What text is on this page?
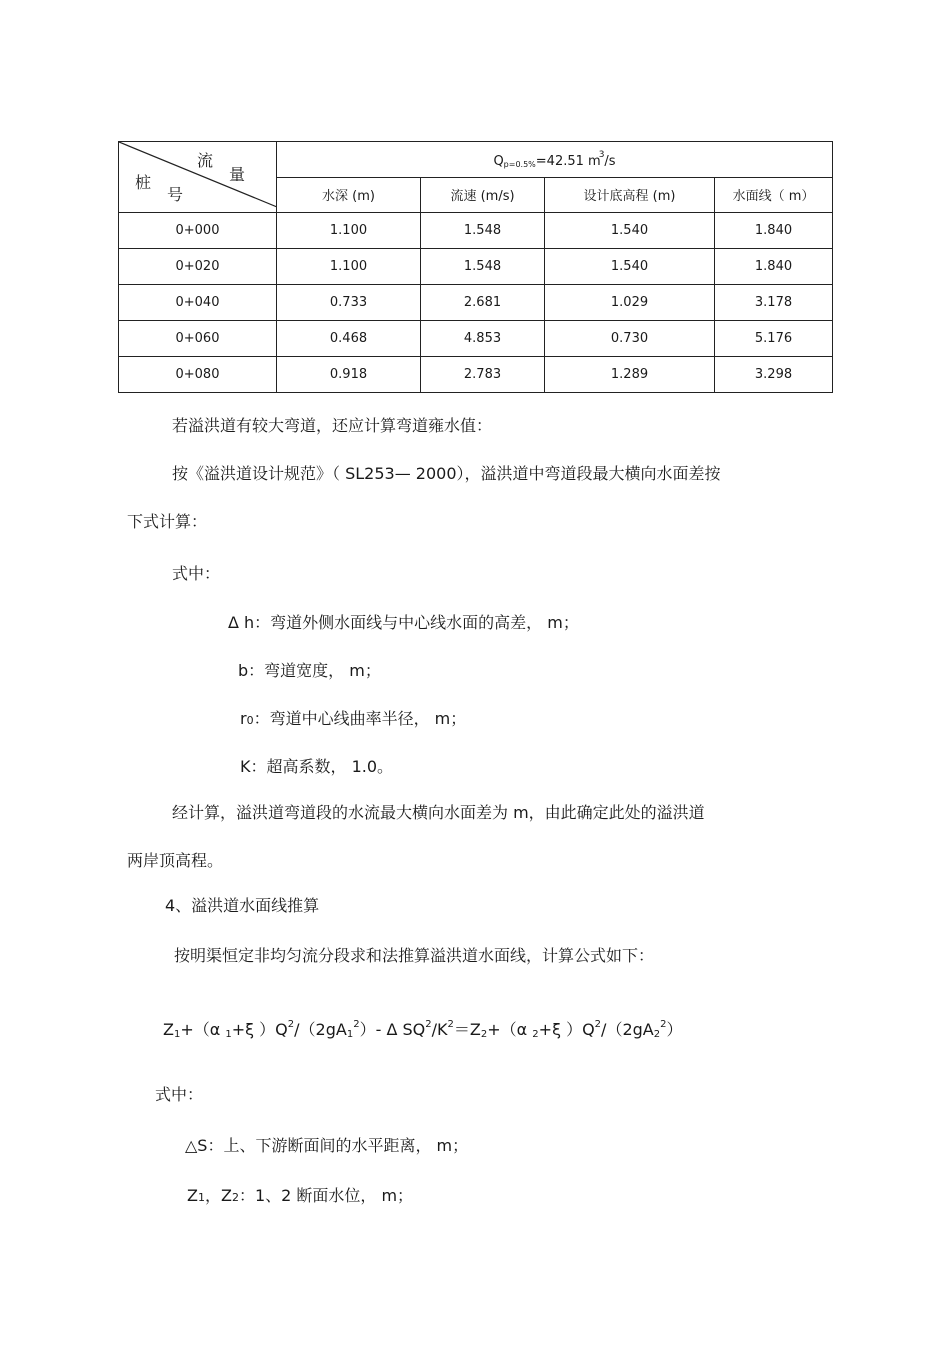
流
量
桩
号	$Q_{p=0.5\%}=42.51$ $m^3/s$			
	水深 (m)	流速 (m/s)	设计底高程 (m)	水面线（ m）
0+000	1.100	1.548	1.540	1.840
0+020	1.100	1.548	1.540	1.840
0+040	0.733	2.681	1.029	3.178
0+060	0.468	4.853	0.730	5.176
0+080	0.918	2.783	1.289	3.298
若溢洪道有较大弯道，还应计算弯道雍水值：
按《溢洪道设计规范》（ SL253— 2000），溢洪道中弯道段最大横向水面差按
下式计算：
式中：
Δ h：弯道外侧水面线与中心线水面的高差， m；
b：弯道宽度， m；
r0：弯道中心线曲率半径， m；
K：超高系数， 1.0。
经计算，溢洪道弯道段的水流最大横向水面差为 m，由此确定此处的溢洪道
两岸顶高程。
4、溢洪道水面线推算
按明渠恒定非均匀流分段求和法推算溢洪道水面线，计算公式如下：
$Z_1+(\alpha$ $_1$+ξ ）$Q^2/(2gA_1^2)-$ Δ $SQ^2/K^2=Z_2+(\alpha$ $_2$+ξ ）$Q^2/(2gA_2^2)$
式中：
△S：上、下游断面间的水平距离， m；
Z1，Z2：1、2 断面水位， m；
